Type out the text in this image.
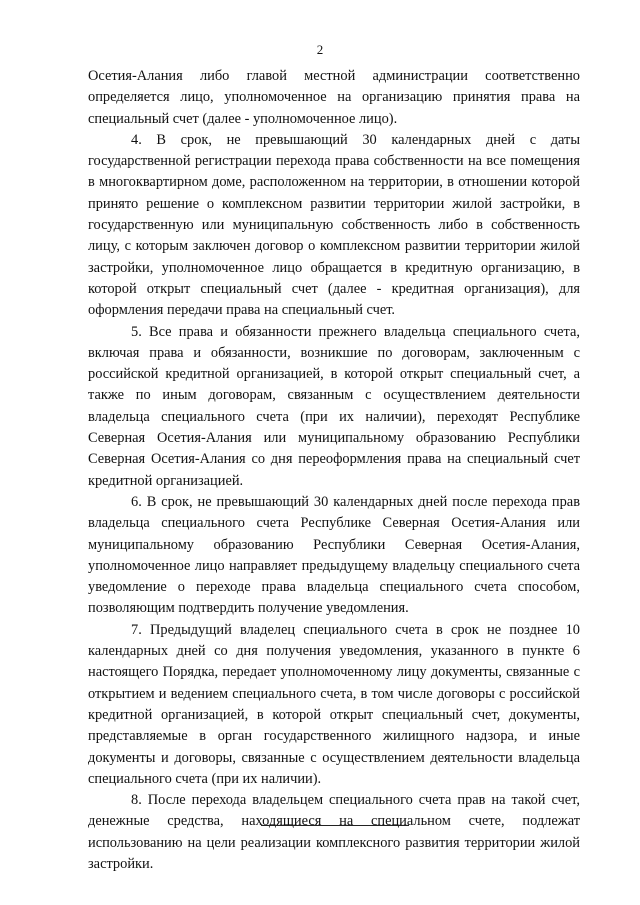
2

Осетия-Алания либо главой местной администрации соответственно определяется лицо, уполномоченное на организацию принятия права на специальный счет (далее - уполномоченное лицо).

4. В срок, не превышающий 30 календарных дней с даты государственной регистрации перехода права собственности на все помещения в многоквартирном доме, расположенном на территории, в отношении которой принято решение о комплексном развитии территории жилой застройки, в государственную или муниципальную собственность либо в собственность лицу, с которым заключен договор о комплексном развитии территории жилой застройки, уполномоченное лицо обращается в кредитную организацию, в которой открыт специальный счет (далее - кредитная организация), для оформления передачи права на специальный счет.

5. Все права и обязанности прежнего владельца специального счета, включая права и обязанности, возникшие по договорам, заключенным с российской кредитной организацией, в которой открыт специальный счет, а также по иным договорам, связанным с осуществлением деятельности владельца специального счета (при их наличии), переходят Республике Северная Осетия-Алания или муниципальному образованию Республики Северная Осетия-Алания со дня переоформления права на специальный счет кредитной организацией.

6. В срок, не превышающий 30 календарных дней после перехода прав владельца специального счета Республике Северная Осетия-Алания или муниципальному образованию Республики Северная Осетия-Алания, уполномоченное лицо направляет предыдущему владельцу специального счета уведомление о переходе права владельца специального счета способом, позволяющим подтвердить получение уведомления.

7. Предыдущий владелец специального счета в срок не позднее 10 календарных дней со дня получения уведомления, указанного в пункте 6 настоящего Порядка, передает уполномоченному лицу документы, связанные с открытием и ведением специального счета, в том числе договоры с российской кредитной организацией, в которой открыт специальный счет, документы, представляемые в орган государственного жилищного надзора, и иные документы и договоры, связанные с осуществлением деятельности владельца специального счета (при их наличии).

8. После перехода владельцем специального счета прав на такой счет, денежные средства, находящиеся на специальном счете, подлежат использованию на цели реализации комплексного развития территории жилой застройки.
